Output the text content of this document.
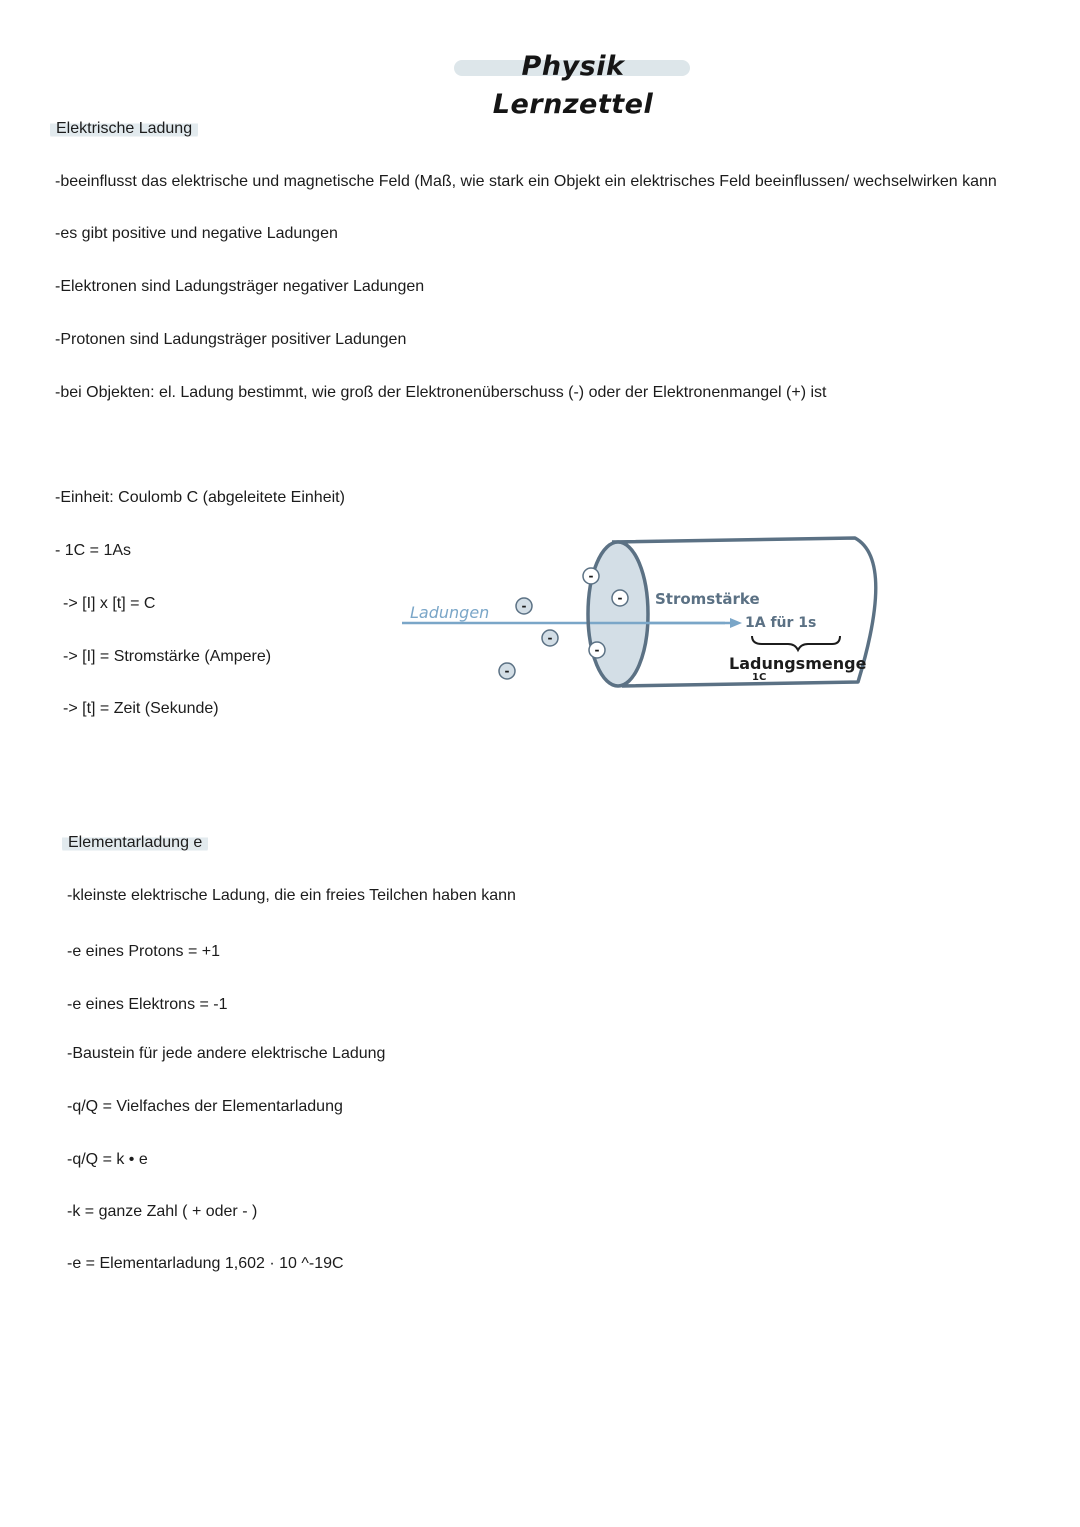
Physik Lernzettel
Elektrische Ladung
-beeinflusst das elektrische und magnetische Feld (Maß, wie stark ein Objekt ein elektrisches Feld beeinflussen/ wechselwirken kann
-es gibt positive und negative Ladungen
-Elektronen sind Ladungsträger negativer Ladungen
-Protonen sind Ladungsträger positiver Ladungen
-bei Objekten: el. Ladung bestimmt, wie groß der Elektronenüberschuss (-) oder der Elektronenmangel (+) ist
-Einheit: Coulomb C (abgeleitete Einheit)
- 1C = 1As
-> [I] x [t] = C
-> [I] = Stromstärke (Ampere)
-> [t] = Zeit (Sekunde)
-
-
-
-
-
-
Ladungen
Stromstärke
1A für 1s
Ladungsmenge
1C
Elementarladung e
-kleinste elektrische Ladung, die ein freies Teilchen haben kann
-e eines Protons = +1
-e eines Elektrons = -1
-Baustein für jede andere elektrische Ladung
-q/Q = Vielfaches der Elementarladung
-q/Q = k • e
-k = ganze Zahl ( + oder - )
-e = Elementarladung 1,602 · 10 ^-19C
